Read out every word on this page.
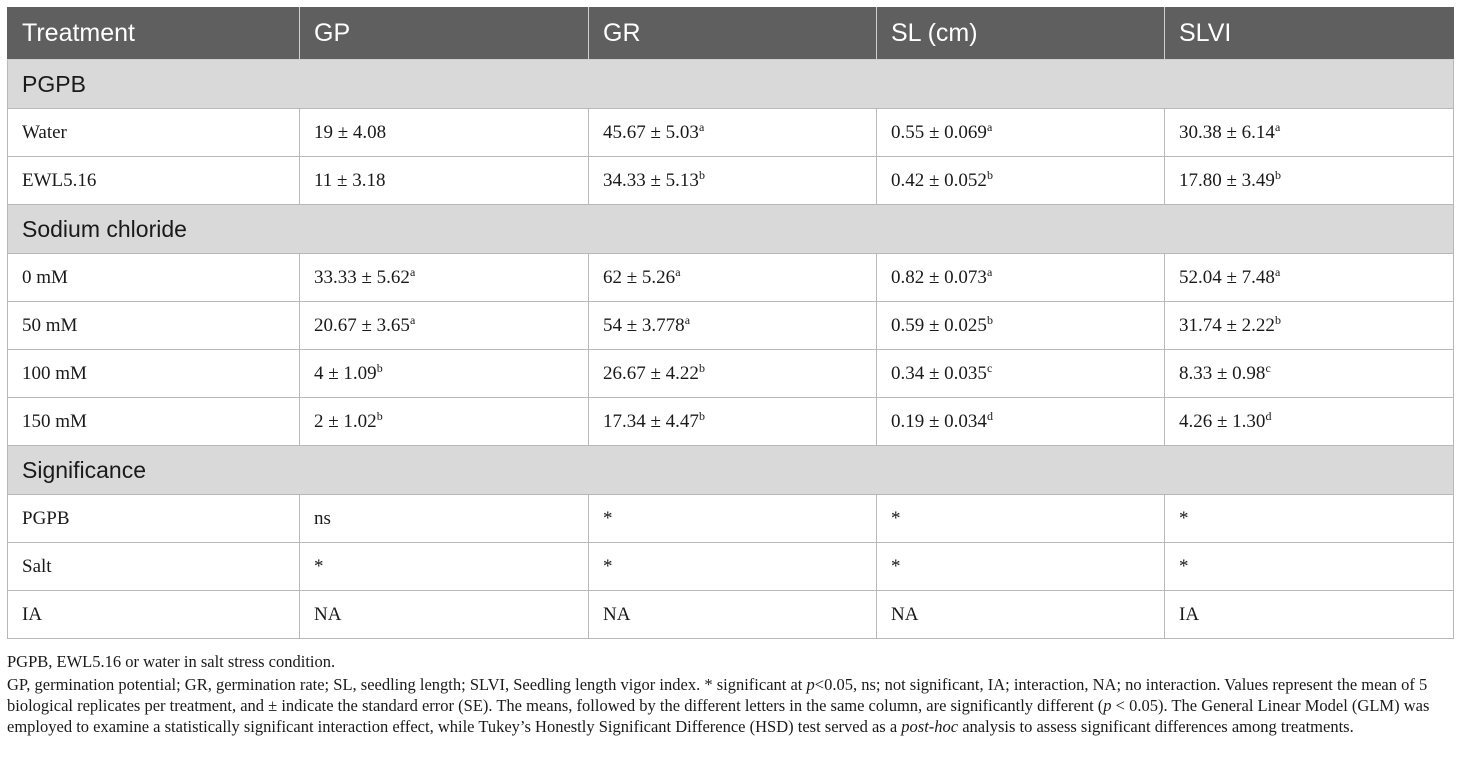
Treatment	GP	GR	SL (cm)	SLVI
PGPB				
Water	19 ± 4.08	45.67 ± 5.03$^a$	0.55 ± 0.069$^a$	30.38 ± 6.14$^a$
EWL5.16	11 ± 3.18	34.33 ± 5.13$^b$	0.42 ± 0.052$^b$	17.80 ± 3.49$^b$
Sodium chloride				
0 mM	33.33 ± 5.62$^a$	62 ± 5.26$^a$	0.82 ± 0.073$^a$	52.04 ± 7.48$^a$
50 mM	20.67 ± 3.65$^a$	54 ± 3.778$^a$	0.59 ± 0.025$^b$	31.74 ± 2.22$^b$
100 mM	4 ± 1.09$^b$	26.67 ± 4.22$^b$	0.34 ± 0.035$^c$	8.33 ± 0.98$^c$
150 mM	2 ± 1.02$^b$	17.34 ± 4.47$^b$	0.19 ± 0.034$^d$	4.26 ± 1.30$^d$
Significance				
PGPB	ns	*	*	*
Salt	*	*	*	*
IA	NA	NA	NA	IA

PGPB, EWL5.16 or water in salt stress condition.

GP, germination potential; GR, germination rate; SL, seedling length; SLVI, Seedling length vigor index. * significant at p<0.05, ns; not significant, IA; interaction, NA; no interaction. Values represent the mean of 5 biological replicates per treatment, and ± indicate the standard error (SE). The means, followed by the different letters in the same column, are significantly different (p < 0.05). The General Linear Model (GLM) was employed to examine a statistically significant interaction effect, while Tukey’s Honestly Significant Difference (HSD) test served as a post-hoc analysis to assess significant differences among treatments.
